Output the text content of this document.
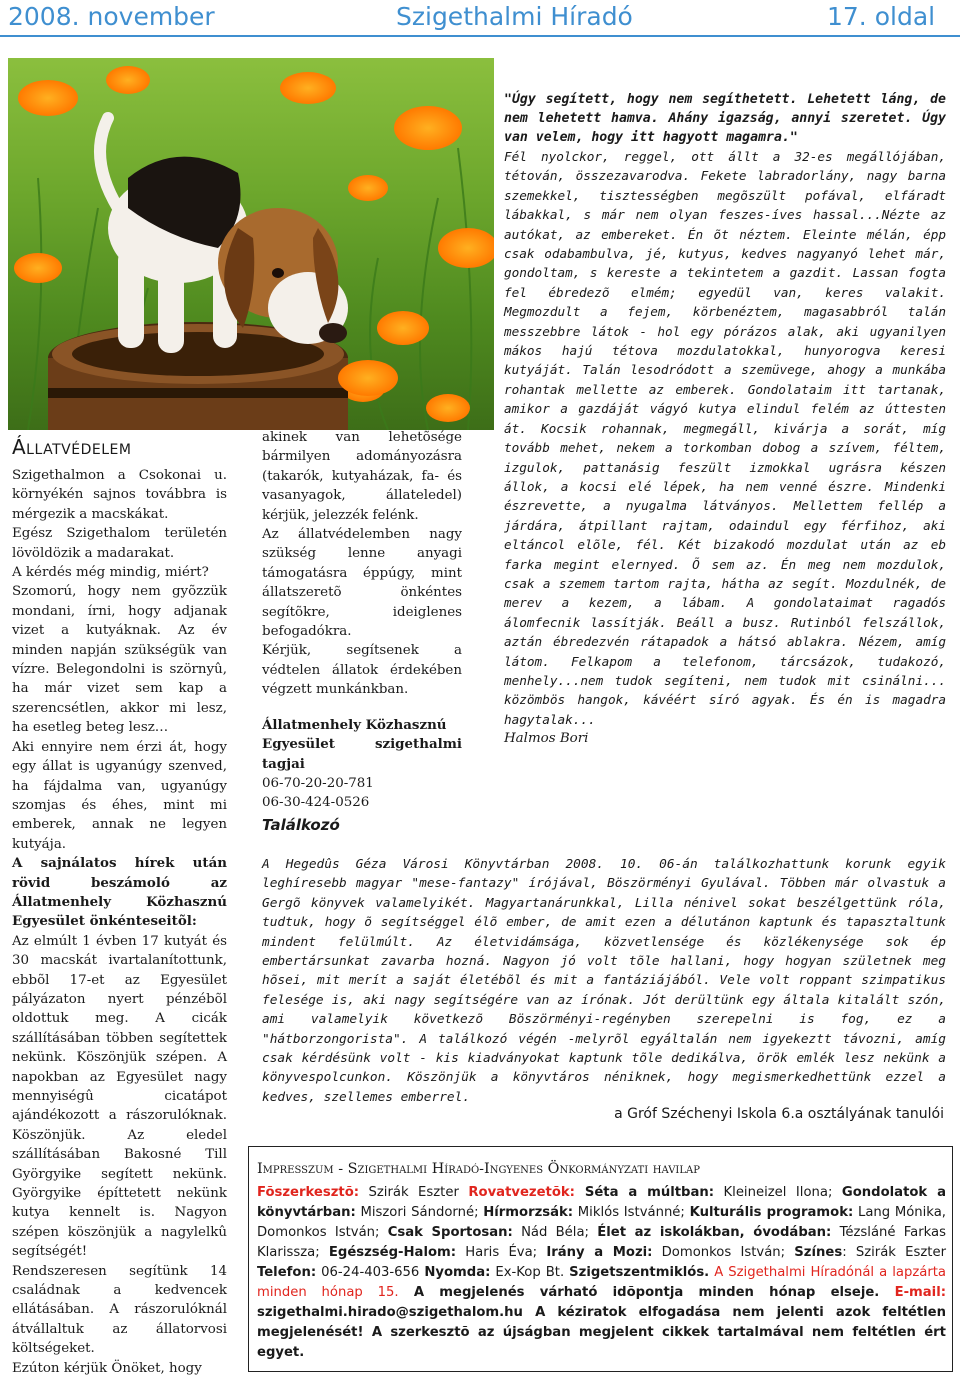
2008. november	Szigethalmi Híradó	17. oldal
Állatvédelem

Szigethalmon a Csokonai u. környékén sajnos továbbra is mérgezik a macskákat.

Egész Szigethalom területén lövöldözik a madarakat.

A kérdés még mindig, miért?

Szomorú, hogy nem gyõzzük mondani, írni, hogy adjanak vizet a kutyáknak. Az év minden napján szükségük van vízre. Belegondolni is szörnyû, ha már vizet sem kap a szerencsétlen, akkor mi lesz, ha esetleg beteg lesz…

Aki ennyire nem érzi át, hogy egy állat is ugyanúgy szenved, ha fájdalma van, ugyanúgy szomjas és éhes, mint mi emberek, annak ne legyen kutyája.

A sajnálatos hírek után rövid beszámoló az Állatmenhely Közhasznú Egyesület önkénteseitõl:

Az elmúlt 1 évben 17 kutyát és 30 macskát ivartalanítottunk, ebbõl 17-et az Egyesület pályázaton nyert pénzébõl oldottuk meg. A cicák szállításában többen segítettek nekünk. Köszönjük szépen. A napokban az Egyesület nagy mennyiségû cicatápot ajándékozott a rászorulóknak. Köszönjük. Az eledel szállításában Bakosné Till Györgyike segített nekünk. Györgyike építtetett nekünk kutya kennelt is. Nagyon szépen köszönjük a nagylelkû segítségét!

Rendszeresen segítünk 14 családnak a kedvencek ellátásában. A rászorulóknál átvállaltuk az állatorvosi költségeket.

Ezúton kérjük Önöket, hogy

akinek van lehetõsége bármilyen adományozásra (takarók, kutyaházak, fa- és vasanyagok, állateledel) kérjük, jelezzék felénk.

Az állatvédelemben nagy szükség lenne anyagi támogatásra éppúgy, mint állatszeretõ önkéntes segítõkre, ideiglenes befogadókra.

Kérjük, segítsenek a védtelen állatok érdekében végzett munkánkban.

Állatmenhely Közhasznú

Egyesület szigethalmi tagjai

06-70-20-20-781

06-30-424-0526

"Úgy segített, hogy nem segíthetett. Lehetett láng, de nem lehetett hamva. Ahány igazság, annyi szeretet. Úgy van velem, hogy itt hagyott magamra."

Fél nyolckor, reggel, ott állt a 32-es megállójában, tétován, összezavarodva. Fekete labradorlány, nagy barna szemekkel, tisztességben megõszült pofával, elfáradt lábakkal, s már nem olyan feszes-íves hassal...Nézte az autókat, az embereket. Én õt néztem. Eleinte mélán, épp csak odabambulva, jé, kutyus, kedves nagyanyó lehet már, gondoltam, s kereste a tekintetem a gazdit. Lassan fogta fel ébredezõ elmém; egyedül van, keres valakit. Megmozdult a fejem, körbenéztem, magasabbról talán messzebbre látok - hol egy pórázos alak, aki ugyanilyen mákos hajú tétova mozdulatokkal, hunyorogva keresi kutyáját. Talán lesodródott a szemüvege, ahogy a munkába rohantak mellette az emberek. Gondolataim itt tartanak, amikor a gazdáját vágyó kutya elindul felém az úttesten át. Kocsik rohannak, megmegáll, kivárja a sorát, míg tovább mehet, nekem a torkomban dobog a szívem, féltem, izgulok, pattanásig feszült izmokkal ugrásra készen állok, a kocsi elé lépek, ha nem venné észre. Mindenki észrevette, a nyugalma látványos. Mellettem fellép a járdára, átpillant rajtam, odaindul egy férfihoz, aki eltáncol elõle, fél. Két bizakodó mozdulat után az eb farka megint elernyed. Õ sem az. Én meg nem mozdulok, csak a szemem tartom rajta, hátha az segít. Mozdulnék, de merev a kezem, a lábam. A gondolataimat ragadós álomfecnik lassítják. Beáll a busz. Rutinból felszállok, aztán ébredezvén rátapadok a hátsó ablakra. Nézem, amíg látom. Felkapom a telefonom, tárcsázok, tudakozó, menhely...nem tudok segíteni, nem tudok mit csinálni... közömbös hangok, kávéért síró agyak. És én is magadra hagytalak...

Halmos Bori

Találkozó
A Hegedûs Géza Városi Könyvtárban 2008. 10. 06-án találkozhattunk korunk egyik leghíresebb magyar "mese-fantazy" írójával, Böszörményi Gyulával. Többen már olvastuk a Gergõ könyvek valamelyikét. Magyartanárunkkal, Lilla nénivel sokat beszélgettünk róla, tudtuk, hogy õ segítséggel élõ ember, de amit ezen a délutánon kaptunk és tapasztaltunk mindent felülmúlt. Az életvidámsága, közvetlensége és közlékenysége sok ép embertársunkat zavarba hozná. Nagyon jó volt tõle hallani, hogy hogyan születnek meg hõsei, mit merít a saját életébõl és mit a fantáziájából. Vele volt roppant szimpatikus felesége is, aki nagy segítségére van az írónak. Jót derültünk egy általa kitalált szón, ami valamelyik következõ Böszörményi-regényben szerepelni is fog, ez a "hátborzongorista". A találkozó végén -melyrõl egyáltalán nem igyekeztt távozni, amíg csak kérdésünk volt - kis kiadványokat kaptunk tõle dedikálva, örök emlék lesz nekünk a könyvespolcunkon. Köszönjük a könyvtáros néniknek, hogy megismerkedhettünk ezzel a kedves, szellemes emberrel.
a Gróf Széchenyi Iskola 6.a osztályának tanulói
Impresszum - Szigethalmi Híradó-Ingyenes Önkormányzati havilap
Fõszerkesztõ: Szirák Eszter Rovatvezetõk: Séta a múltban: Kleineizel Ilona; Gondolatok a könyvtárban: Miszori Sándorné; Hírmorzsák: Miklós Istvánné; Kulturális programok: Lang Mónika, Domonkos István; Csak Sportosan: Nád Béla; Élet az iskolákban, óvodában: Tézsláné Farkas Klarissza; Egészség-Halom: Haris Éva; Irány a Mozi: Domonkos István; Színes: Szirák Eszter Telefon: 06-24-403-656 Nyomda: Ex-Kop Bt. Szigetszentmiklós. A Szigethalmi Híradónál a lapzárta minden hónap 15. A megjelenés várható idõpontja minden hónap elseje. E-mail: szigethalmi.hirado@szigethalom.hu A kéziratok elfogadása nem jelenti azok feltétlen megjelenését! A szerkesztõ az újságban megjelent cikkek tartalmával nem feltétlen ért egyet.
